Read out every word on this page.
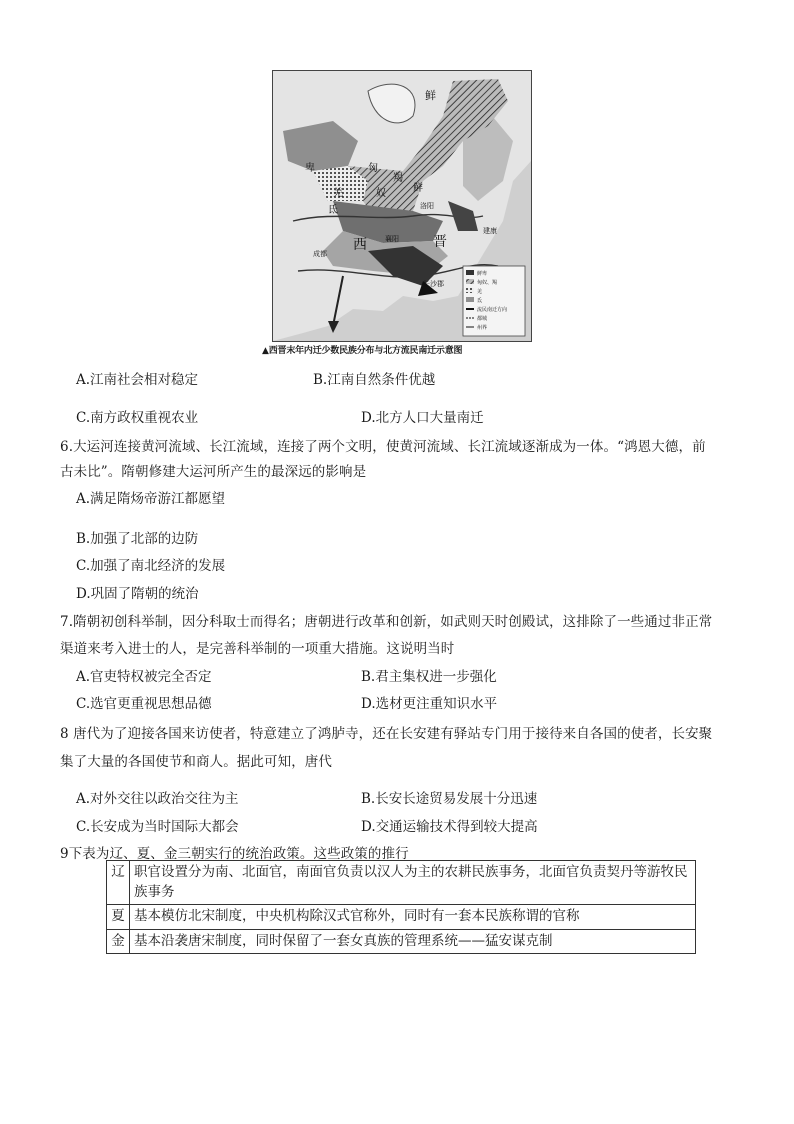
鲜
卑	匈
羯
奴	鲜
氐
羌
洛阳
襄阳
建康
长沙郡
成都
西	晋
鲜卑
匈奴、羯
羌
氐
流民南迁方向
都城
州界
▲西晋末年内迁少数民族分布与北方流民南迁示意图
A.江南社会相对稳定	B.江南自然条件优越
C.南方政权重视农业	D.北方人口大量南迁
6.大运河连接黄河流域、长江流域，连接了两个文明，使黄河流域、长江流域逐渐成为一体。“鸿恩大德，前
古未比”。隋朝修建大运河所产生的最深远的影响是
A.满足隋炀帝游江都愿望
B.加强了北部的边防
C.加强了南北经济的发展
D.巩固了隋朝的统治
7.隋朝初创科举制，因分科取士而得名；唐朝进行改革和创新，如武则天时创殿试，这排除了一些通过非正常
渠道来考入进士的人，是完善科举制的一项重大措施。这说明当时
A.官吏特权被完全否定	B.君主集权进一步强化
C.选官更重视思想品德	D.选材更注重知识水平
8 唐代为了迎接各国来访使者，特意建立了鸿胪寺，还在长安建有驿站专门用于接待来自各国的使者，长安聚
集了大量的各国使节和商人。据此可知，唐代
A.对外交往以政治交往为主	B.长安长途贸易发展十分迅速
C.长安成为当时国际大都会	D.交通运输技术得到较大提高
9下表为辽、夏、金三朝实行的统治政策。这些政策的推行
辽	职官设置分为南、北面官，南面官负责以汉人为主的农耕民族事务，北面官负责契丹等游牧民族事务
夏	基本模仿北宋制度，中央机构除汉式官称外，同时有一套本民族称谓的官称
金	基本沿袭唐宋制度，同时保留了一套女真族的管理系统——猛安谋克制
